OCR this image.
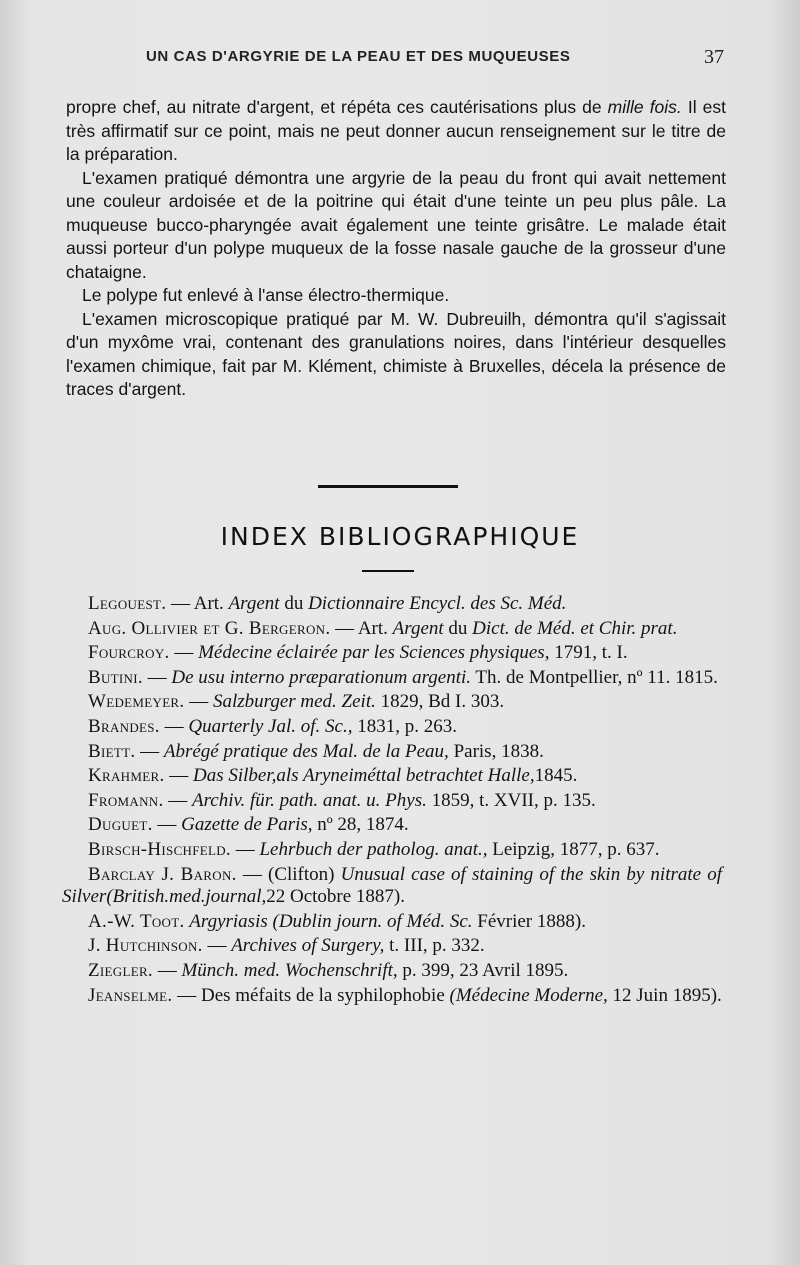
UN CAS D'ARGYRIE DE LA PEAU ET DES MUQUEUSES	37

propre chef, au nitrate d'argent, et répéta ces cautérisations plus de mille fois. Il est très affirmatif sur ce point, mais ne peut donner aucun renseignement sur le titre de la préparation.

L'examen pratiqué démontra une argyrie de la peau du front qui avait nettement une couleur ardoisée et de la poitrine qui était d'une teinte un peu plus pâle. La muqueuse bucco-pharyngée avait également une teinte grisâtre. Le malade était aussi porteur d'un polype muqueux de la fosse nasale gauche de la grosseur d'une chataigne.

Le polype fut enlevé à l'anse électro-thermique.

L'examen microscopique pratiqué par M. W. Dubreuilh, démontra qu'il s'agissait d'un myxôme vrai, contenant des granulations noires, dans l'intérieur desquelles l'examen chimique, fait par M. Klément, chimiste à Bruxelles, décela la présence de traces d'argent.

INDEX BIBLIOGRAPHIQUE

Legouest. — Art. Argent du Dictionnaire Encycl. des Sc. Méd.

Aug. Ollivier et G. Bergeron. — Art. Argent du Dict. de Méd. et Chir. prat.

Fourcroy. — Médecine éclairée par les Sciences physiques, 1791, t. I.

Butini. — De usu interno præparationum argenti. Th. de Montpellier, nº 11. 1815.

Wedemeyer. — Salzburger med. Zeit. 1829, Bd I. 303.

Brandes. — Quarterly Jal. of. Sc., 1831, p. 263.

Biett. — Abrégé pratique des Mal. de la Peau, Paris, 1838.

Krahmer. — Das Silber,als Aryneiméttal betrachtet Halle,1845.

Fromann. — Archiv. für. path. anat. u. Phys. 1859, t. XVII, p. 135.

Duguet. — Gazette de Paris, nº 28, 1874.

Birsch-Hischfeld. — Lehrbuch der patholog. anat., Leipzig, 1877, p. 637.

Barclay J. Baron. — (Clifton) Unusual case of staining of the skin by nitrate of Silver(British.med.journal,22 Octobre 1887).

A.-W. Toot. Argyriasis (Dublin journ. of Méd. Sc. Février 1888).

J. Hutchinson. — Archives of Surgery, t. III, p. 332.

Ziegler. — Münch. med. Wochenschrift, p. 399, 23 Avril 1895.

Jeanselme. — Des méfaits de la syphilophobie (Médecine Moderne, 12 Juin 1895).
